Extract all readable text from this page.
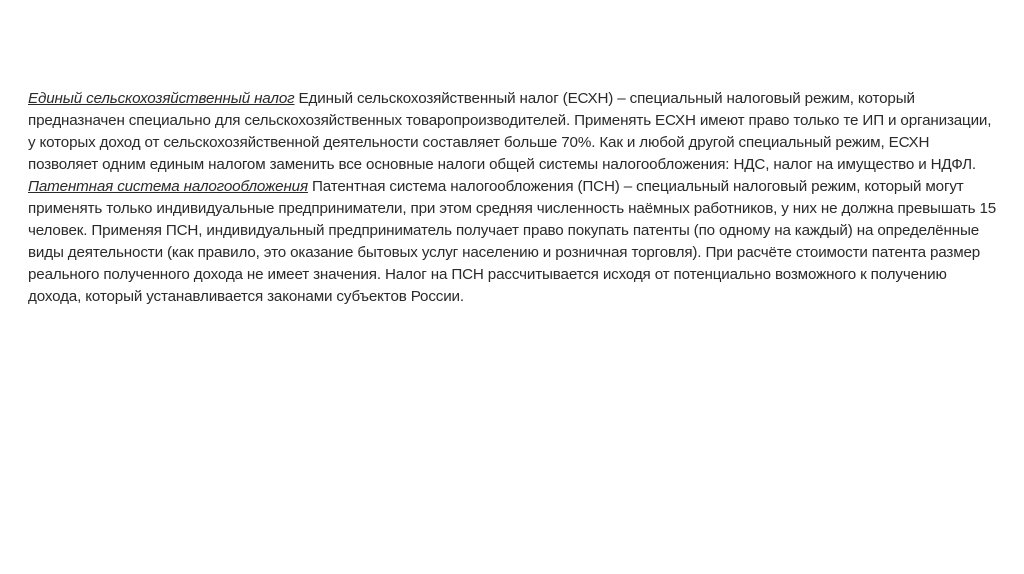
Единый сельскохозяйственный налог Единый сельскохозяйственный налог (ЕСХН) – специальный налоговый режим, который предназначен специально для сельскохозяйственных товаропроизводителей. Применять ЕСХН имеют право только те ИП и организации, у которых доход от сельскохозяйственной деятельности составляет больше 70%. Как и любой другой специальный режим, ЕСХН позволяет одним единым налогом заменить все основные налоги общей системы налогообложения: НДС, налог на имущество и НДФЛ.

Патентная система налогообложения Патентная система налогообложения (ПСН) – специальный налоговый режим, который могут применять только индивидуальные предприниматели, при этом средняя численность наёмных работников, у них не должна превышать 15 человек. Применяя ПСН, индивидуальный предприниматель получает право покупать патенты (по одному на каждый) на определённые виды деятельности (как правило, это оказание бытовых услуг населению и розничная торговля). При расчёте стоимости патента размер реального полученного дохода не имеет значения. Налог на ПСН рассчитывается исходя от потенциально возможного к получению дохода, который устанавливается законами субъектов России.
